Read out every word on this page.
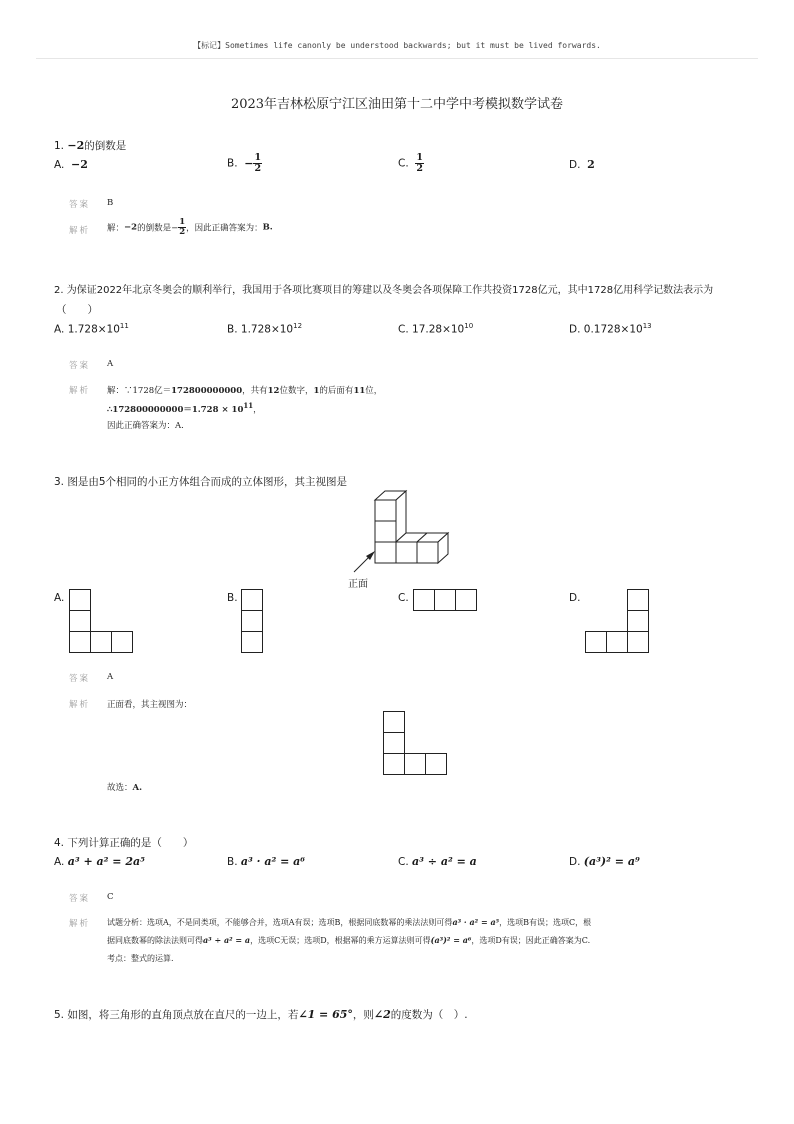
【标记】Sometimes life canonly be understood backwards; but it must be lived forwards.
2023年吉林松原宁江区油田第十二中学中考模拟数学试卷
1. −2的倒数是
A. −2	B. − $\frac{1}{2}$	C. $\frac{1}{2}$	D. 2
答案 B
解析 解：−2的倒数是− $\frac{1}{2}$ ，因此正确答案为：B.
2. 为保证2022年北京冬奥会的顺利举行，我国用于各项比赛项目的筹建以及冬奥会各项保障工作共投资1728亿元，其中1728亿用科学记数法表示为
（　　）
A. $1.728\times 10^{11}$	B. $1.728\times 10^{12}$	C. $17.28\times 10^{10}$	D. $0.1728\times 10^{13}$
答案 A
解析 解：∵1728亿＝172800000000，共有12位数字，1的后面有11位，
∴172800000000＝1.728 × $10^{11}$，
因此正确答案为：A.
3. 图是由5个相同的小正方体组合而成的立体图形，其主视图是
正面
A.	B.	C.	D.
答案 A
解析 正面看，其主视图为：
故选：A.
4. 下列计算正确的是（　　）
A. a³ + a² = 2a⁵	B. a³ · a² = a⁶	C. a³ ÷ a² = a	D. (a³)² = a⁹
答案 C
解析 试题分析：选项A，不是同类项，不能够合并，选项A有误；选项B，根据同底数幂的乘法法则可得a³ · a² = a⁵，选项B有误；选项C，根
据同底数幂的除法法则可得a³ ÷ a² = a，选项C无误；选项D，根据幂的乘方运算法则可得(a³)² = a⁶，选项D有误；因此正确答案为C.
考点：整式的运算.
5. 如图，将三角形的直角顶点放在直尺的一边上，若∠1 = 65°，则∠2的度数为（　）.
